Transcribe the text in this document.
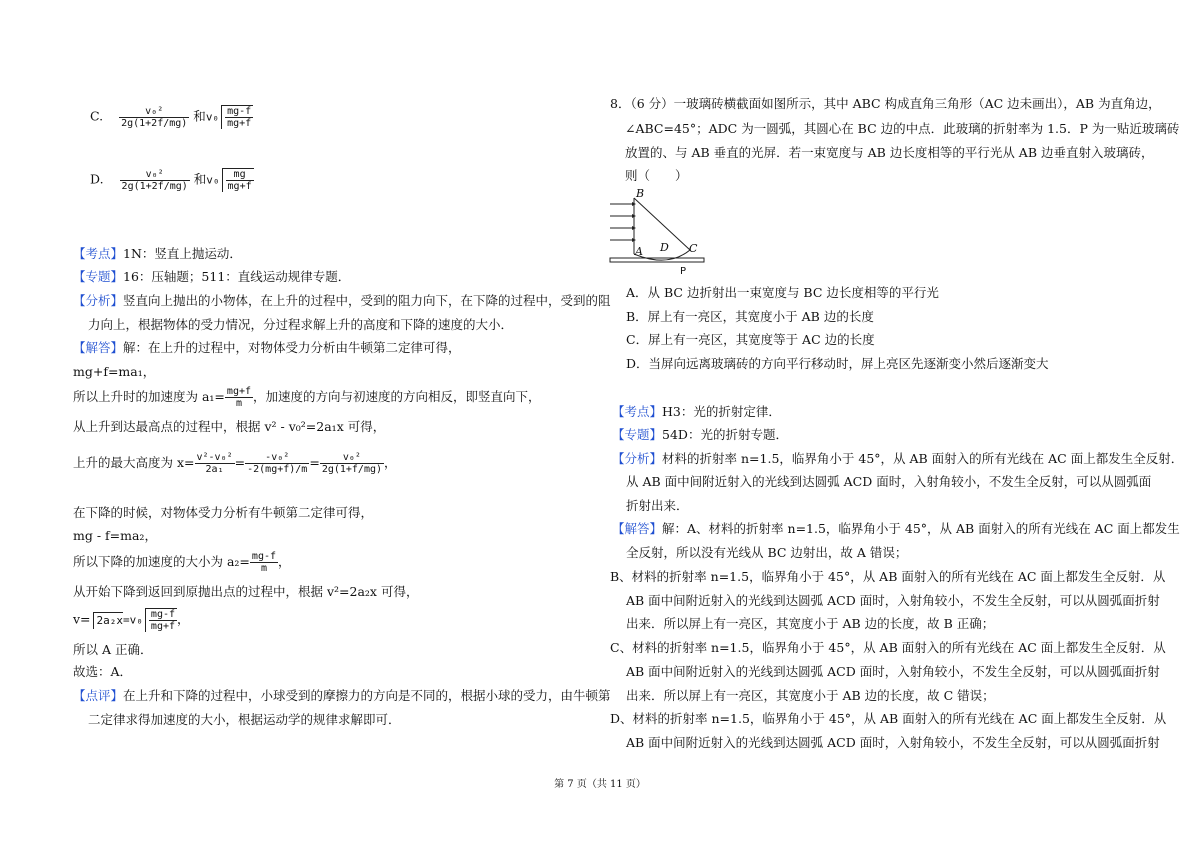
C. $\frac{\text{v₀²}}{2g(1+2f/mg)}$ 和$v_0 \frac{mg-f}{mg+f}$
D. $\frac{\text{v₀²}}{2g(1+2f/mg)}$ 和$v_0 \frac{mg}{mg+f}$
【考点】1N：竖直上抛运动．
【专题】16：压轴题；511：直线运动规律专题．
【分析】竖直向上抛出的小物体，在上升的过程中，受到的阻力向下，在下降的过程中，受到的阻
力向上，根据物体的受力情况，分过程求解上升的高度和下降的速度的大小．
【解答】解：在上升的过程中，对物体受力分析由牛顿第二定律可得，
mg+f=ma₁，
所以上升时的加速度为 $a_1= \frac{mg+f}{m}$ ，加速度的方向与初速度的方向相反，即竖直向下，
从上升到达最高点的过程中，根据 v² - v₀²=2a₁x 可得，
上升的最大高度为 $x= \frac{\text{v²-v₀²}}{\text{2a₁}} = \frac{\text{-v₀²}}{-2(mg+f)/m} = \frac{\text{v₀²}}{2g(1+f/mg)}$ ，
在下降的时候，对物体受力分析有牛顿第二定律可得，
mg - f=ma₂，
所以下降的加速度的大小为 $a_2= \frac{mg-f}{m}$ ，
从开始下降到返回到原抛出点的过程中，根据 v²=2a₂x 可得，
$v= 2a_2x=v_0 \frac{mg-f}{mg+f}$ ，
所以 A 正确．
故选：A．
【点评】在上升和下降的过程中，小球受到的摩擦力的方向是不同的，根据小球的受力，由牛顿第
二定律求得加速度的大小，根据运动学的规律求解即可．
8．（6 分）一玻璃砖横截面如图所示，其中 ABC 构成直角三角形（AC 边未画出），AB 为直角边，
∠ABC=45°；ADC 为一圆弧，其圆心在 BC 边的中点．此玻璃的折射率为 1.5．P 为一贴近玻璃砖
放置的、与 AB 垂直的光屏．若一束宽度与 AB 边长度相等的平行光从 AB 边垂直射入玻璃砖，
则（　　）
B
A D C
P
A．从 BC 边折射出一束宽度与 BC 边长度相等的平行光
B．屏上有一亮区，其宽度小于 AB 边的长度
C．屏上有一亮区，其宽度等于 AC 边的长度
D．当屏向远离玻璃砖的方向平行移动时，屏上亮区先逐渐变小然后逐渐变大
【考点】H3：光的折射定律．
【专题】54D：光的折射专题．
【分析】材料的折射率 n=1.5，临界角小于 45°，从 AB 面射入的所有光线在 AC 面上都发生全反射．
从 AB 面中间附近射入的光线到达圆弧 ACD 面时，入射角较小，不发生全反射，可以从圆弧面
折射出来．
【解答】解：A、材料的折射率 n=1.5，临界角小于 45°，从 AB 面射入的所有光线在 AC 面上都发生
全反射，所以没有光线从 BC 边射出，故 A 错误；
B、材料的折射率 n=1.5，临界角小于 45°，从 AB 面射入的所有光线在 AC 面上都发生全反射．从
AB 面中间附近射入的光线到达圆弧 ACD 面时，入射角较小，不发生全反射，可以从圆弧面折射
出来．所以屏上有一亮区，其宽度小于 AB 边的长度，故 B 正确；
C、材料的折射率 n=1.5，临界角小于 45°，从 AB 面射入的所有光线在 AC 面上都发生全反射．从
AB 面中间附近射入的光线到达圆弧 ACD 面时，入射角较小，不发生全反射，可以从圆弧面折射
出来．所以屏上有一亮区，其宽度小于 AB 边的长度，故 C 错误；
D、材料的折射率 n=1.5，临界角小于 45°，从 AB 面射入的所有光线在 AC 面上都发生全反射．从
AB 面中间附近射入的光线到达圆弧 ACD 面时，入射角较小，不发生全反射，可以从圆弧面折射
第 7 页（共 11 页）
